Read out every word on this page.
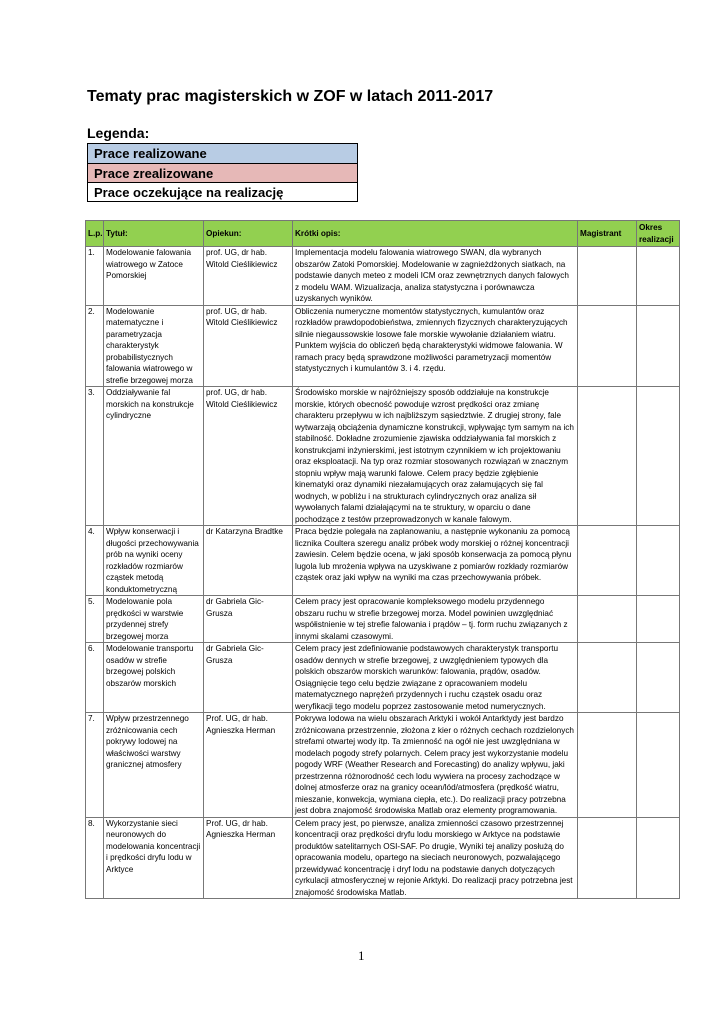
Tematy prac magisterskich w ZOF w latach 2011-2017
Legenda:
Prace realizowane
Prace zrealizowane
Prace oczekujące na realizację
L.p.	Tytuł:	Opiekun:	Krótki opis:	Magistrant	Okres realizacji
1.	Modelowanie falowania wiatrowego w Zatoce Pomorskiej	prof. UG, dr hab. Witold Cieślikiewicz	Implementacja modelu falowania wiatrowego SWAN, dla wybranych obszarów Zatoki Pomorskiej. Modelowanie w zagnieżdżonych siatkach, na podstawie danych meteo z modeli ICM oraz zewnętrznych danych falowych z modelu WAM. Wizualizacja, analiza statystyczna i porównawcza uzyskanych wyników.		
2.	Modelowanie matematyczne i parametryzacja charakterystyk probabilistycznych falowania wiatrowego w strefie brzegowej morza	prof. UG, dr hab. Witold Cieślikiewicz	Obliczenia numeryczne momentów statystycznych, kumulantów oraz rozkładów prawdopodobieństwa, zmiennych fizycznych charakteryzujących silnie niegaussowskie losowe fale morskie wywołanie działaniem wiatru. Punktem wyjścia do obliczeń będą charakterystyki widmowe falowania. W ramach pracy będą sprawdzone możliwości parametryzacji momentów statystycznych i kumulantów 3. i 4. rzędu.		
3.	Oddziaływanie fal morskich na konstrukcje cylindryczne	prof. UG, dr hab. Witold Cieślikiewicz	Środowisko morskie w najróżniejszy sposób oddziałuje na konstrukcje morskie, których obecność powoduje wzrost prędkości oraz zmianę charakteru przepływu w ich najbliższym sąsiedztwie. Z drugiej strony, fale wytwarzają obciążenia dynamiczne konstrukcji, wpływając tym samym na ich stabilność. Dokładne zrozumienie zjawiska oddziaływania fal morskich z konstrukcjami inżynierskimi, jest istotnym czynnikiem w ich projektowaniu oraz eksploatacji. Na typ oraz rozmiar stosowanych rozwiązań w znacznym stopniu wpływ mają warunki falowe. Celem pracy będzie zgłębienie kinematyki oraz dynamiki niezałamujących oraz załamujących się fal wodnych, w pobliżu i na strukturach cylindrycznych oraz analiza sił wywołanych falami działającymi na te struktury, w oparciu o dane pochodzące z testów przeprowadzonych w kanale falowym.		
4.	Wpływ konserwacji i długości przechowywania prób na wyniki oceny rozkładów rozmiarów cząstek metodą konduktometryczną	dr Katarzyna Bradtke	Praca będzie polegała na zaplanowaniu, a następnie wykonaniu za pomocą licznika Coultera szeregu analiz próbek wody morskiej o różnej koncentracji zawiesin. Celem będzie ocena, w jaki sposób konserwacja za pomocą płynu lugola lub mrożenia wpływa na uzyskiwane z pomiarów rozkłady rozmiarów cząstek oraz jaki wpływ na wyniki ma czas przechowywania próbek.		
5.	Modelowanie pola prędkości w warstwie przydennej strefy brzegowej morza	dr Gabriela Gic-Grusza	Celem pracy jest opracowanie kompleksowego modelu przydennego obszaru ruchu w strefie brzegowej morza. Model powinien uwzględniać współistnienie w tej strefie falowania i prądów – tj. form ruchu związanych z innymi skalami czasowymi.		
6.	Modelowanie transportu osadów w strefie brzegowej polskich obszarów morskich	dr Gabriela Gic-Grusza	Celem pracy jest zdefiniowanie podstawowych charakterystyk transportu osadów dennych w strefie brzegowej, z uwzględnieniem typowych dla polskich obszarów morskich warunków: falowania, prądów, osadów. Osiągnięcie tego celu będzie związane z opracowaniem modelu matematycznego naprężeń przydennych i ruchu cząstek osadu oraz weryfikacji tego modelu poprzez zastosowanie metod numerycznych.		
7.	Wpływ przestrzennego zróżnicowania cech pokrywy lodowej na właściwości warstwy granicznej atmosfery	Prof. UG, dr hab. Agnieszka Herman	Pokrywa lodowa na wielu obszarach Arktyki i wokół Antarktydy jest bardzo zróżnicowana przestrzennie, złożona z kier o różnych cechach rozdzielonych strefami otwartej wody itp. Ta zmienność na ogół nie jest uwzględniana w modelach pogody strefy polarnych. Celem pracy jest wykorzystanie modelu pogody WRF (Weather Research and Forecasting) do analizy wpływu, jaki przestrzenna różnorodność cech lodu wywiera na procesy zachodzące w dolnej atmosferze oraz na granicy ocean/lód/atmosfera (prędkość wiatru, mieszanie, konwekcja, wymiana ciepła, etc.). Do realizacji pracy potrzebna jest dobra znajomość środowiska Matlab oraz elementy programowania.		
8.	Wykorzystanie sieci neuronowych do modelowania koncentracji i prędkości dryfu lodu w Arktyce	Prof. UG, dr hab. Agnieszka Herman	Celem pracy jest, po pierwsze, analiza zmienności czasowo przestrzennej koncentracji oraz prędkości dryfu lodu morskiego w Arktyce na podstawie produktów satelitarnych OSI-SAF. Po drugie, Wyniki tej analizy posłużą do opracowania modelu, opartego na sieciach neuronowych, pozwalającego przewidywać koncentrację i dryf lodu na podstawie danych dotyczących cyrkulacji atmosferycznej w rejonie Arktyki. Do realizacji pracy potrzebna jest znajomość środowiska Matlab.		
1
